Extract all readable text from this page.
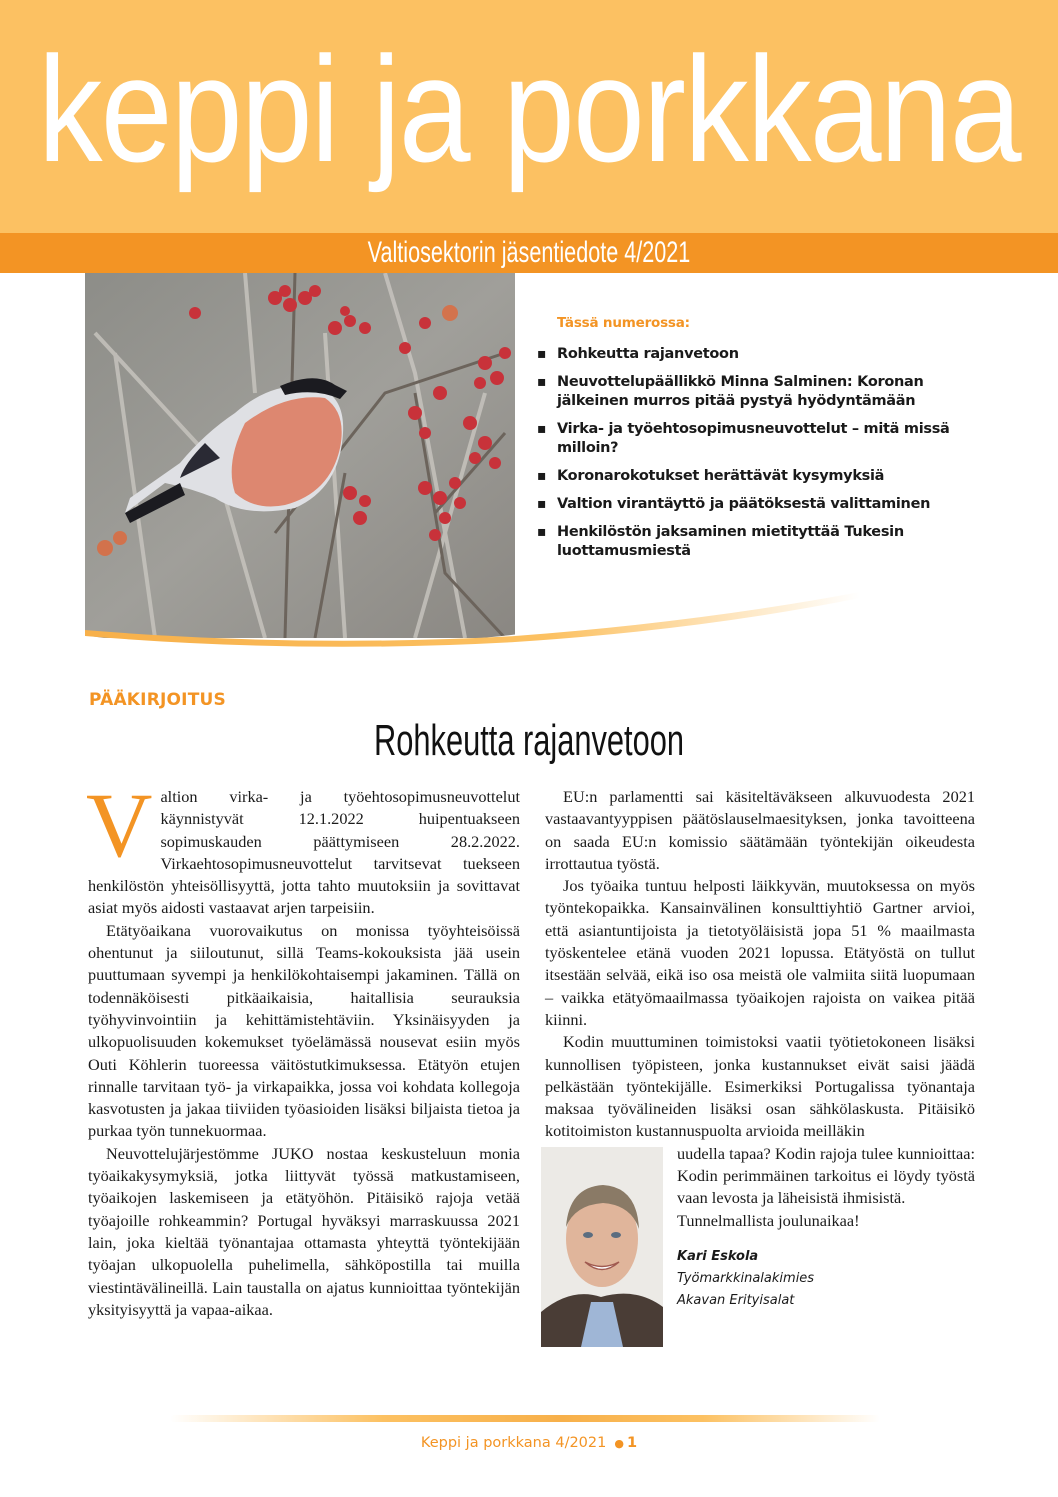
keppi ja porkkana
Valtiosektorin jäsentiedote 4/2021
Tässä numerossa:
▪ Rohkeutta rajanvetoon
▪ Neuvottelupäällikkö Minna Salminen: Koronan jälkeinen murros pitää pystyä hyödyntämään
▪ Virka- ja työehtosopimusneuvottelut – mitä missä milloin?
▪ Koronarokotukset herättävät kysymyksiä
▪ Valtion virantäyttö ja päätöksestä valittaminen
▪ Henkilöstön jaksaminen mietityttää Tukesin luottamusmiestä
PÄÄKIRJOITUS
Rohkeutta rajanvetoon

Valtion virka- ja työehtosopimusneuvottelut käynnistyvät 12.1.2022 huipentuakseen sopimuskauden päättymiseen 28.2.2022. Virkaehtosopimusneuvottelut tarvitsevat tuekseen henkilöstön yhteisöllisyyttä, jotta tahto muutoksiin ja sovittavat asiat myös aidosti vastaavat arjen tarpeisiin.

Etätyöaikana vuorovaikutus on monissa työyhteisöissä ohentunut ja siiloutunut, sillä Teams-kokouksista jää usein puuttumaan syvempi ja henkilökohtaisempi jakaminen. Tällä on todennäköisesti pitkäaikaisia, haitallisia seurauksia työhyvinvointiin ja kehittämistehtäviin. Yksinäisyyden ja ulkopuolisuuden kokemukset työelämässä nousevat esiin myös Outi Köhlerin tuoreessa väitöstutkimuksessa. Etätyön etujen rinnalle tarvitaan työ- ja virkapaikka, jossa voi kohdata kollegoja kasvotusten ja jakaa tiiviiden työasioiden lisäksi biljaista tietoa ja purkaa työn tunnekuormaa.

Neuvottelujärjestömme JUKO nostaa keskusteluun monia työaikakysymyksiä, jotka liittyvät työssä matkustamiseen, työaikojen laskemiseen ja etätyöhön. Pitäisikö rajoja vetää työajoille rohkeammin? Portugal hyväksyi marraskuussa 2021 lain, joka kieltää työnantajaa ottamasta yhteyttä työntekijään työajan ulkopuolella puhelimella, sähköpostilla tai muilla viestintävälineillä. Lain taustalla on ajatus kunnioittaa työntekijän yksityisyyttä ja vapaa-aikaa.

EU:n parlamentti sai käsiteltäväkseen alkuvuodesta 2021 vastaavantyyppisen päätöslauselmaesityksen, jonka tavoitteena on saada EU:n komissio säätämään työntekijän oikeudesta irrottautua työstä.

Jos työaika tuntuu helposti läikkyvän, muutoksessa on myös työntekopaikka. Kansainvälinen konsulttiyhtiö Gartner arvioi, että asiantuntijoista ja tietotyöläisistä jopa 51 % maailmasta työskentelee etänä vuoden 2021 lopussa. Etätyöstä on tullut itsestään selvää, eikä iso osa meistä ole valmiita siitä luopumaan – vaikka etätyömaailmassa työaikojen rajoista on vaikea pitää kiinni.

Kodin muuttuminen toimistoksi vaatii työtietokoneen lisäksi kunnollisen työpisteen, jonka kustannukset eivät saisi jäädä pelkästään työntekijälle. Esimerkiksi Portugalissa työnantaja maksaa työvälineiden lisäksi osan sähkölaskusta. Pitäisikö kotitoimiston kustannuspuolta arvioida meilläkin

uudella tapaa? Kodin rajoja tulee kunnioittaa: Kodin perimmäinen tarkoitus ei löydy työstä vaan levosta ja läheisistä ihmisistä.
Tunnelmallista joulunaikaa!
Kari Eskola
Työmarkkinalakimies
Akavan Erityisalat
Keppi ja porkkana 4/2021 ● 1
